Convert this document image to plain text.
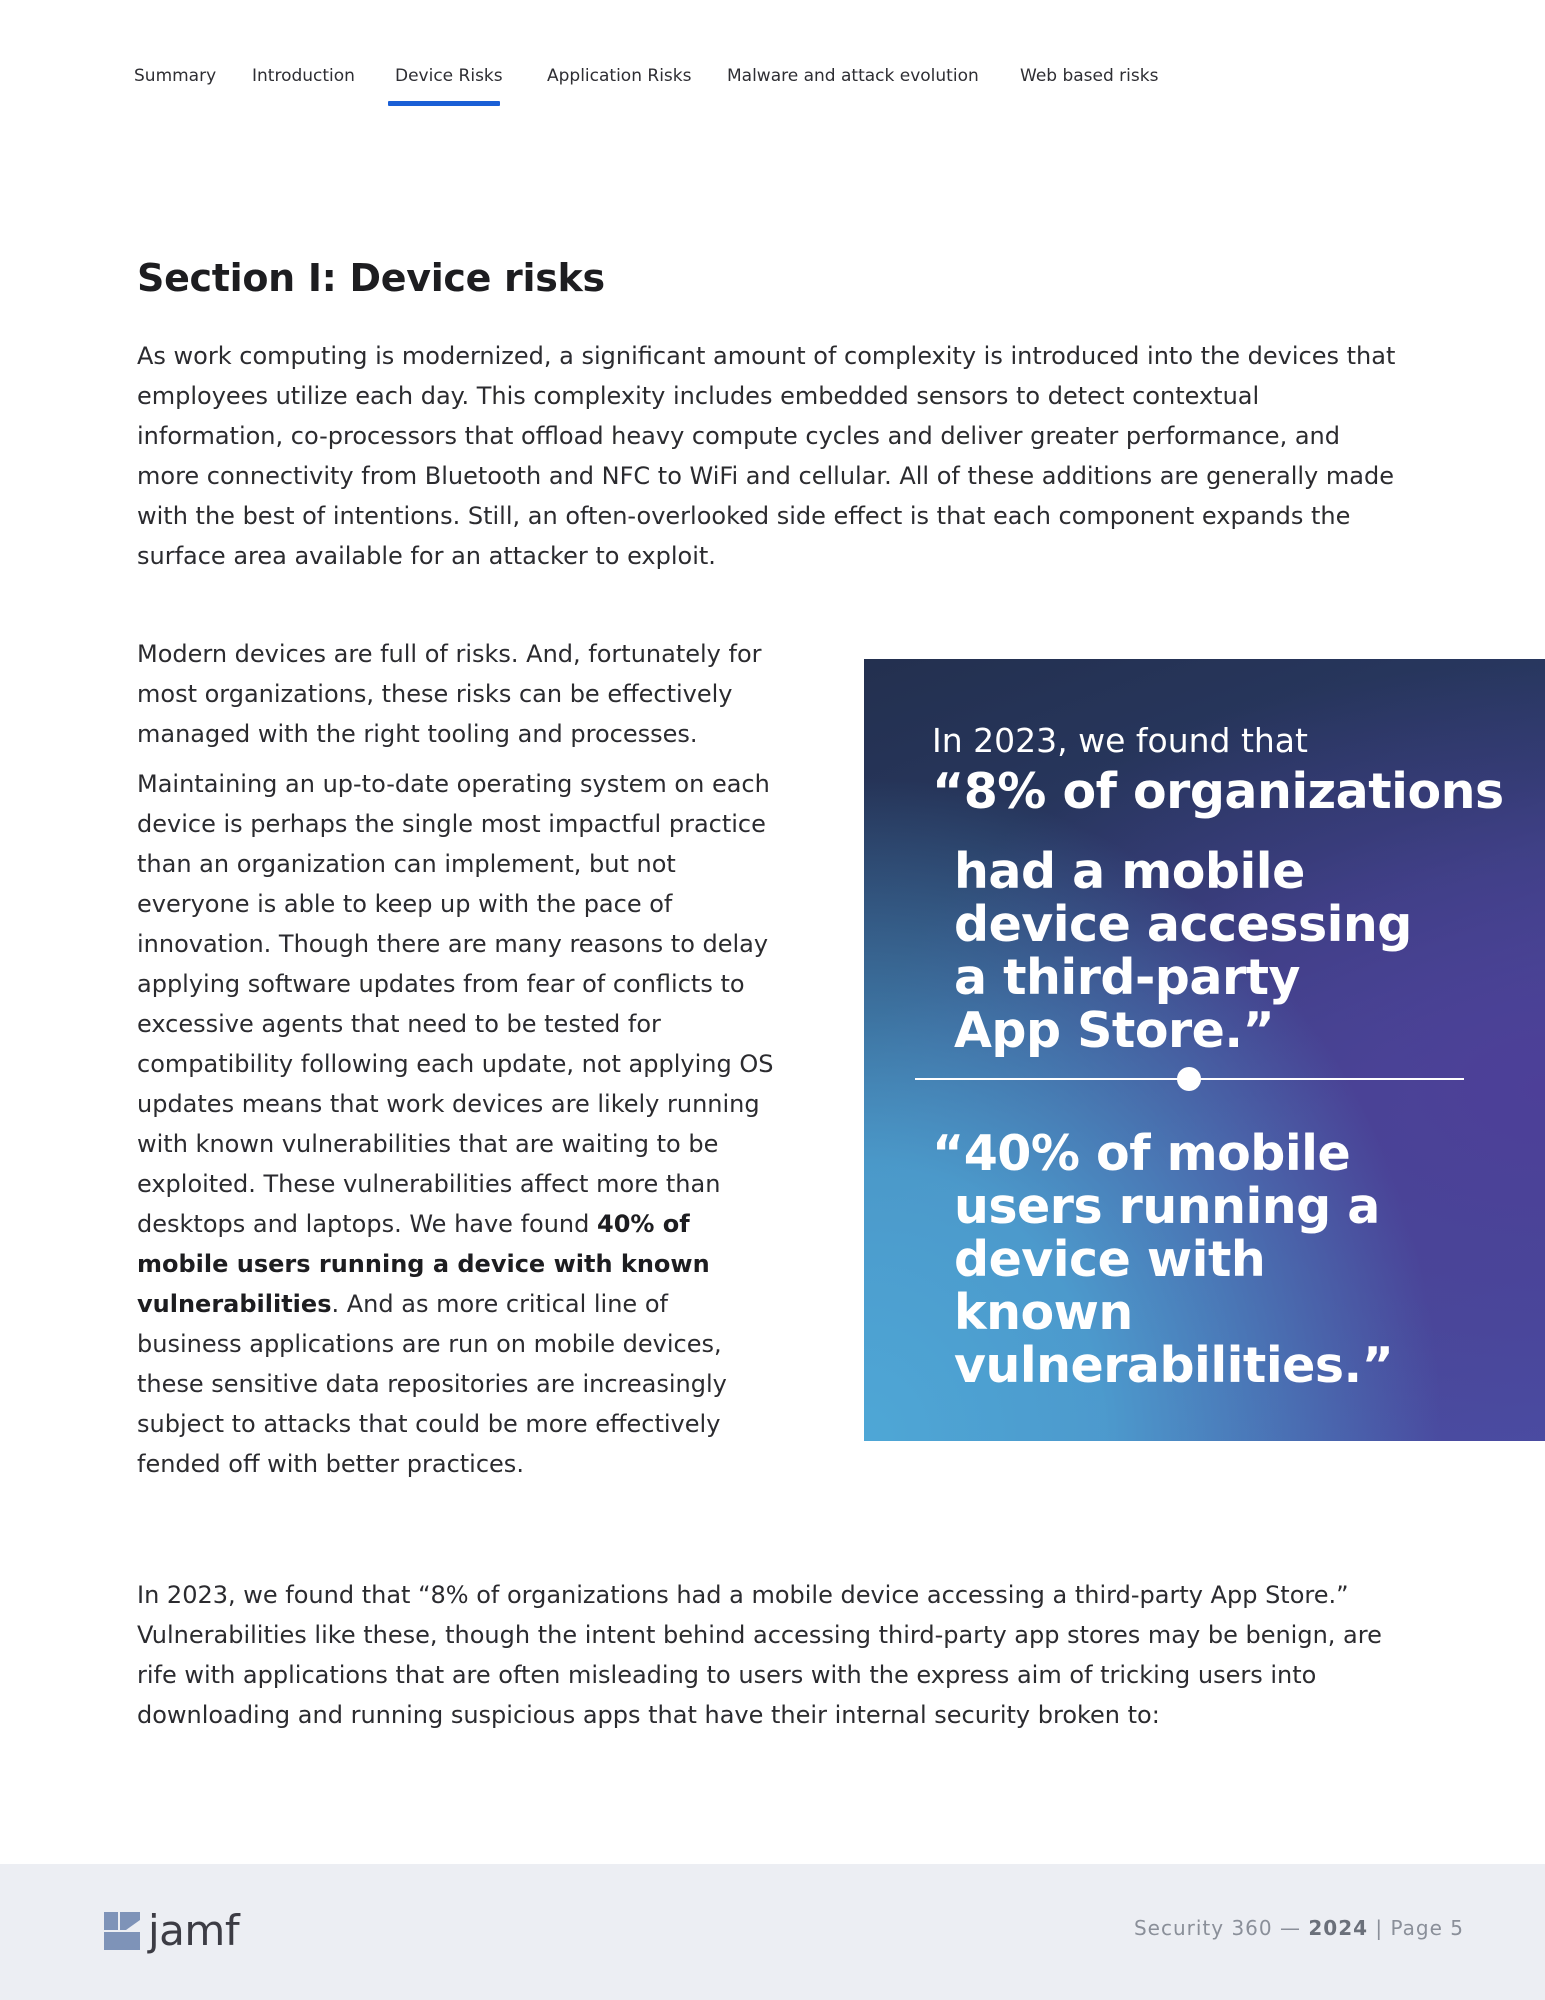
Summary Introduction Device Risks	Application Risks Malware and attack evolution Web based risks
Section I: Device risks

As work computing is modernized, a significant amount of complexity is introduced into the devices that employees utilize each day. This complexity includes embedded sensors to detect contextual information, co-processors that offload heavy compute cycles and deliver greater performance, and more connectivity from Bluetooth and NFC to WiFi and cellular. All of these additions are generally made with the best of intentions. Still, an often-overlooked side effect is that each component expands the surface area available for an attacker to exploit.

Modern devices are full of risks. And, fortunately for most organizations, these risks can be effectively managed with the right tooling and processes.

Maintaining an up-to-date operating system on each device is perhaps the single most impactful practice than an organization can implement, but not everyone is able to keep up with the pace of innovation. Though there are many reasons to delay applying software updates from fear of conflicts to excessive agents that need to be tested for compatibility following each update, not applying OS updates means that work devices are likely running with known vulnerabilities that are waiting to be exploited. These vulnerabilities affect more than desktops and laptops. We have found 40% of mobile users running a device with known vulnerabilities. And as more critical line of business applications are run on mobile devices, these sensitive data repositories are increasingly subject to attacks that could be more effectively fended off with better practices.

In 2023, we found that
“8% of organizations
had a mobile device accessing a third-party App Store.”
“40% of mobile
users running a device with known vulnerabilities.”

In 2023, we found that “8% of organizations had a mobile device accessing a third-party App Store.” Vulnerabilities like these, though the intent behind accessing third-party app stores may be benign, are rife with applications that are often misleading to users with the express aim of tricking users into downloading and running suspicious apps that have their internal security broken to:

jamf	Security 360 — 2024 | Page 5
